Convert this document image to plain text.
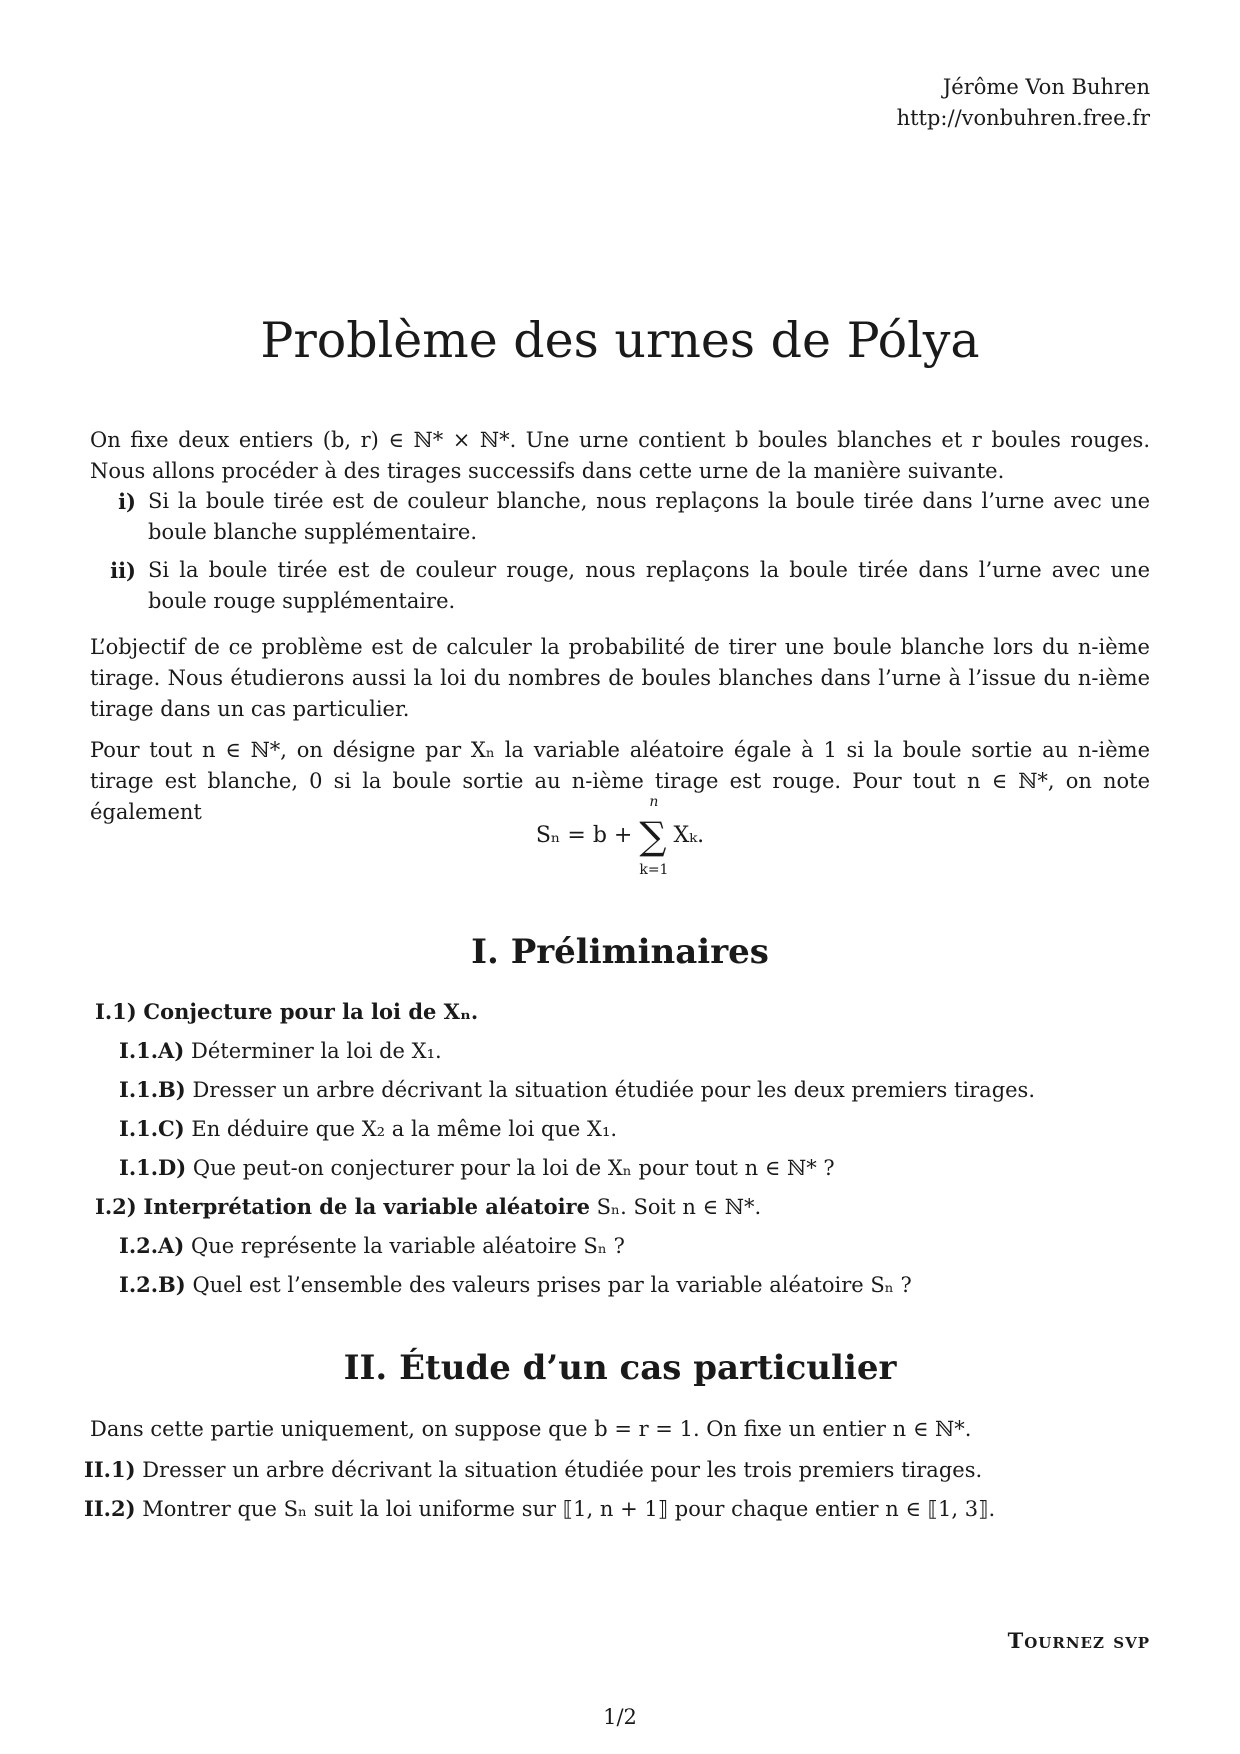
Jérôme Von Buhren
http://vonbuhren.free.fr
Problème des urnes de Pólya
On fixe deux entiers (b, r) ∈ ℕ* × ℕ*. Une urne contient b boules blanches et r boules rouges. Nous allons procéder à des tirages successifs dans cette urne de la manière suivante.
i) Si la boule tirée est de couleur blanche, nous replaçons la boule tirée dans l’urne avec une boule blanche supplémentaire.
ii) Si la boule tirée est de couleur rouge, nous replaçons la boule tirée dans l’urne avec une boule rouge supplémentaire.
L’objectif de ce problème est de calculer la probabilité de tirer une boule blanche lors du n-ième tirage. Nous étudierons aussi la loi du nombres de boules blanches dans l’urne à l’issue du n-ième tirage dans un cas particulier.
Pour tout n ∈ ℕ*, on désigne par Xₙ la variable aléatoire égale à 1 si la boule sortie au n-ième tirage est blanche, 0 si la boule sortie au n-ième tirage est rouge. Pour tout n ∈ ℕ*, on note également
Sₙ = b + ∑
n
k=1
Xₖ.
I. Préliminaires
I.1) Conjecture pour la loi de Xₙ.
I.1.A) Déterminer la loi de X₁.
I.1.B) Dresser un arbre décrivant la situation étudiée pour les deux premiers tirages.
I.1.C) En déduire que X₂ a la même loi que X₁.
I.1.D) Que peut-on conjecturer pour la loi de Xₙ pour tout n ∈ ℕ* ?
I.2) Interprétation de la variable aléatoire Sₙ. Soit n ∈ ℕ*.
I.2.A) Que représente la variable aléatoire Sₙ ?
I.2.B) Quel est l’ensemble des valeurs prises par la variable aléatoire Sₙ ?
II. Étude d’un cas particulier
Dans cette partie uniquement, on suppose que b = r = 1. On fixe un entier n ∈ ℕ*.
II.1) Dresser un arbre décrivant la situation étudiée pour les trois premiers tirages.
II.2) Montrer que Sₙ suit la loi uniforme sur ⟦1, n + 1⟧ pour chaque entier n ∈ ⟦1, 3⟧.
Tournez svp
1/2
